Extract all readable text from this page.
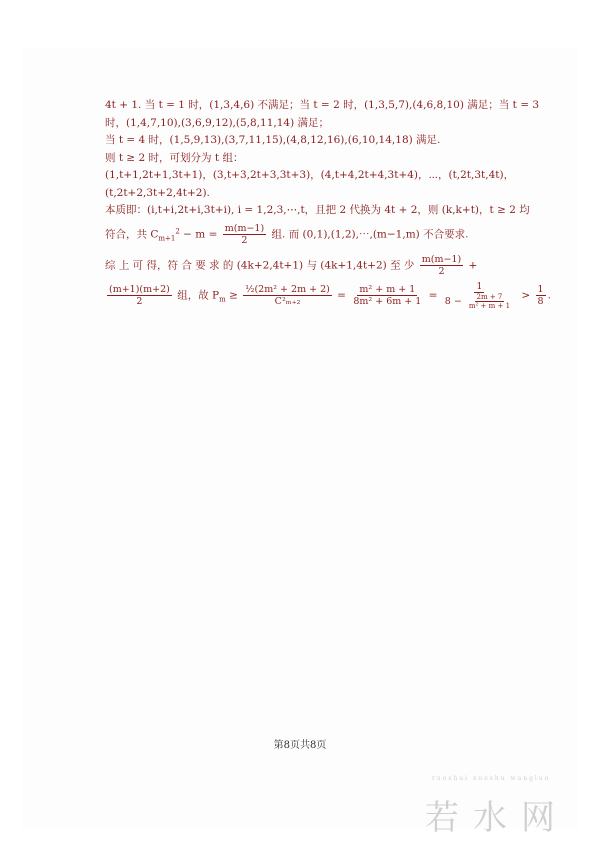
4t + 1. 当 t = 1 时，(1,3,4,6) 不满足；当 t = 2 时，(1,3,5,7),(4,6,8,10) 满足；当 t = 3
时，(1,4,7,10),(3,6,9,12),(5,8,11,14) 满足；
当 t = 4 时，(1,5,9,13),(3,7,11,15),(4,8,12,16),(6,10,14,18) 满足.
则 t ≥ 2 时，可划分为 t 组：
(1,t+1,2t+1,3t+1)，(3,t+3,2t+3,3t+3)，(4,t+4,2t+4,3t+4)，⋯，(t,2t,3t,4t)，
(t,2t+2,3t+2,4t+2).
本质即：(i,t+i,2t+i,3t+i), i = 1,2,3,⋯,t，且把 2 代换为 4t + 2，则 (k,k+t)，t ≥ 2 均
符合，共 $C_{m+1}^2 - m = \frac{m(m-1)}{2}$ 组. 而 (0,1),(1,2),⋯,(m−1,m) 不合要求.
综 上 可 得，符 合 要 求 的 (4k+2,4t+1) 与 (4k+1,4t+2) 至 少 $\frac{m(m-1)}{2}$ +
$\frac{(m+1)(m+2)}{2}$ 组，故 $P_m \ge \frac{\text{½(2m² + 2m + 2)}}{\text{C²ₘ₊₂}} = \frac{\text{m² + m + 1}}{\text{8m² + 6m + 1}} = \frac{1}{8 - \frac{2m + 7}{\text{m² + m + 1}}} > \frac{1}{8}$ .
第8页共8页
ruoshui xueshu wangluo
若水网
